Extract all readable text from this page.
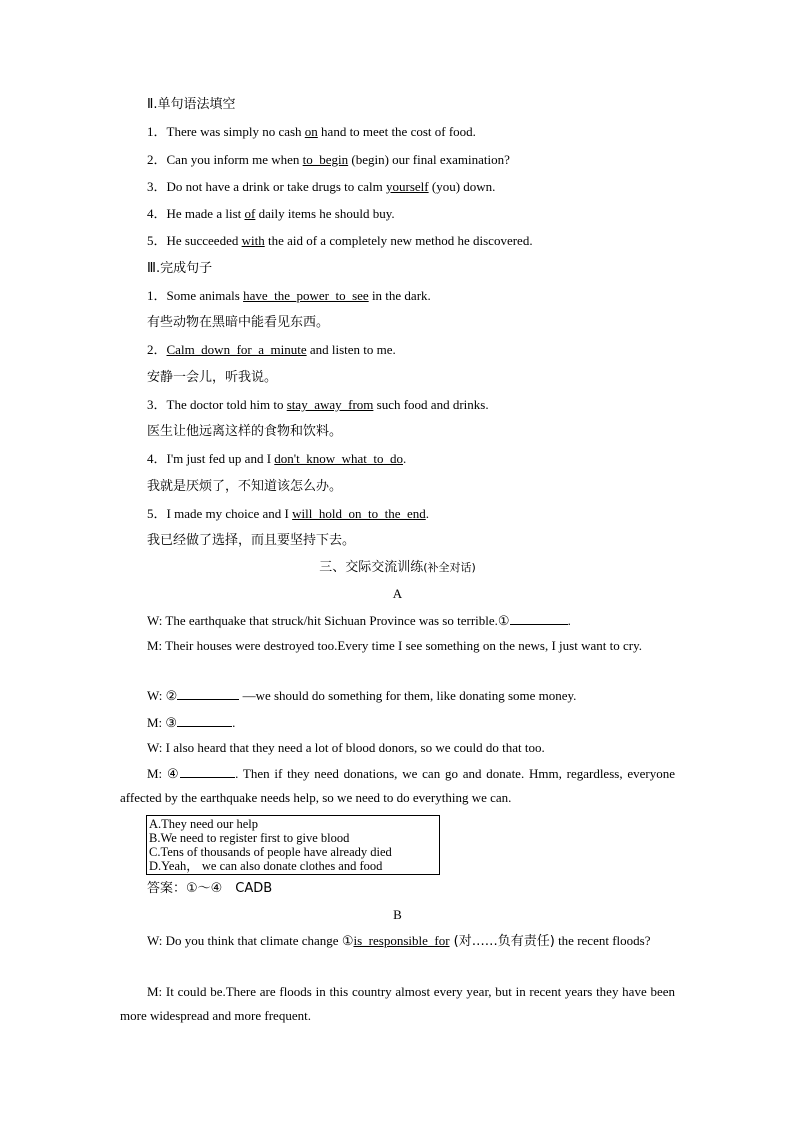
Ⅱ.单句语法填空
1．There was simply no cash on hand to meet the cost of food.
2．Can you inform me when to_begin (begin) our final examination?
3．Do not have a drink or take drugs to calm yourself (you) down.
4．He made a list of daily items he should buy.
5．He succeeded with the aid of a completely new method he discovered.
Ⅲ.完成句子
1．Some animals have_the_power_to_see in the dark.
有些动物在黑暗中能看见东西。
2．Calm_down_for_a_minute and listen to me.
安静一会儿，听我说。
3．The doctor told him to stay_away_from such food and drinks.
医生让他远离这样的食物和饮料。
4．I'm just fed up and I don't_know_what_to_do.
我就是厌烦了，不知道该怎么办。
5．I made my choice and I will_hold_on_to_the_end.
我已经做了选择，而且要坚持下去。
三、交际交流训练(补全对话)
A
W: The earthquake that struck/hit Sichuan Province was so terrible.①	.
M: Their houses were destroyed too.Every time I see something on the news, I just want to cry.
W: ②	—we should do something for them, like donating some money.
M: ③	.
W: I also heard that they need a lot of blood donors, so we could do that too.
M: ④	. Then if they need donations, we can go and donate. Hmm, regardless, everyone affected by the earthquake needs help, so we need to do everything we can.
A.They need our help
B.We need to register first to give blood
C.Tens of thousands of people have already died
D.Yeah， we can also donate clothes and food
答案：①～④　CADB
B
W: Do you think that climate change ①is_responsible_for (对……负有责任) the recent floods?
M: It could be.There are floods in this country almost every year, but in recent years they have been more widespread and more frequent.
